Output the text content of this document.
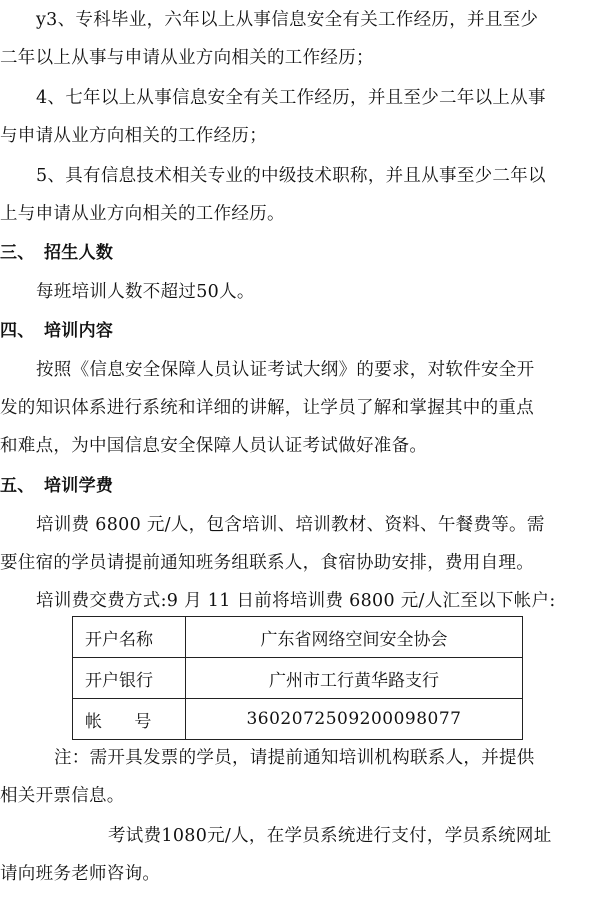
y3、专科毕业，六年以上从事信息安全有关工作经历，并且至少
二年以上从事与申请从业方向相关的工作经历；
4、七年以上从事信息安全有关工作经历，并且至少二年以上从事
与申请从业方向相关的工作经历；
5、具有信息技术相关专业的中级技术职称，并且从事至少二年以
上与申请从业方向相关的工作经历。
三、 招生人数
每班培训人数不超过50人。
四、 培训内容
按照《信息安全保障人员认证考试大纲》的要求，对软件安全开
发的知识体系进行系统和详细的讲解，让学员了解和掌握其中的重点
和难点，为中国信息安全保障人员认证考试做好准备。
五、 培训学费
培训费 6800 元/人，包含培训、培训教材、资料、午餐费等。需
要住宿的学员请提前通知班务组联系人，食宿协助安排，费用自理。
培训费交费方式:9 月 11 日前将培训费 6800 元/人汇至以下帐户:
开户名称	广东省网络空间安全协会
开户银行	广州市工行黄华路支行
帐      号	3602072509200098077
注：需开具发票的学员，请提前通知培训机构联系人，并提供
相关开票信息。
考试费1080元/人，在学员系统进行支付，学员系统网址
请向班务老师咨询。
